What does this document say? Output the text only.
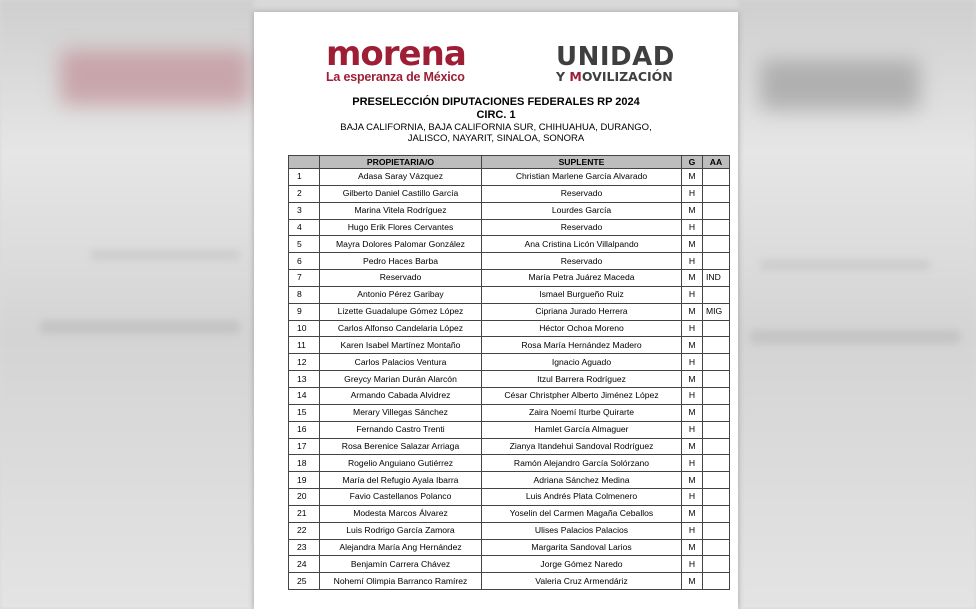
morena
La esperanza de México
UNIDAD
Y MOVILIZACIÓN
PRESELECCIÓN DIPUTACIONES FEDERALES RP 2024
CIRC. 1
BAJA CALIFORNIA, BAJA CALIFORNIA SUR, CHIHUAHUA, DURANGO,
JALISCO, NAYARIT, SINALOA, SONORA
	PROPIETARIA/O	SUPLENTE	G	AA
1	Adasa Saray Vázquez	Christian Marlene García Alvarado	M	
2	Gilberto Daniel Castillo García	Reservado	H	
3	Marina Vitela Rodríguez	Lourdes García	M	
4	Hugo Erik Flores Cervantes	Reservado	H	
5	Mayra Dolores Palomar González	Ana Cristina Licón Villalpando	M	
6	Pedro Haces Barba	Reservado	H	
7	Reservado	María Petra Juárez Maceda	M	IND
8	Antonio Pérez Garibay	Ismael Burgueño Ruiz	H	
9	Lizette Guadalupe Gómez López	Cipriana Jurado Herrera	M	MIG
10	Carlos Alfonso Candelaria López	Héctor Ochoa Moreno	H	
11	Karen Isabel Martínez Montaño	Rosa María Hernández Madero	M	
12	Carlos Palacios Ventura	Ignacio Aguado	H	
13	Greycy Marian Durán Alarcón	Itzul Barrera Rodríguez	M	
14	Armando Cabada Alvidrez	César Christpher Alberto Jiménez López	H	
15	Merary Villegas Sánchez	Zaira Noemí Iturbe Quirarte	M	
16	Fernando Castro Trenti	Hamlet García Almaguer	H	
17	Rosa Berenice Salazar Arriaga	Zianya Itandehui Sandoval Rodríguez	M	
18	Rogelio Anguiano Gutiérrez	Ramón Alejandro García Solórzano	H	
19	María del Refugio Ayala Ibarra	Adriana Sánchez Medina	M	
20	Favio Castellanos Polanco	Luis Andrés Plata Colmenero	H	
21	Modesta Marcos Álvarez	Yoselin del Carmen Magaña Ceballos	M	
22	Luis Rodrigo García Zamora	Ulises Palacios Palacios	H	
23	Alejandra María Ang Hernández	Margarita Sandoval Larios	M	
24	Benjamín Carrera Chávez	Jorge Gómez Naredo	H	
25	Nohemí Olimpia Barranco Ramírez	Valeria Cruz Armendáriz	M	
